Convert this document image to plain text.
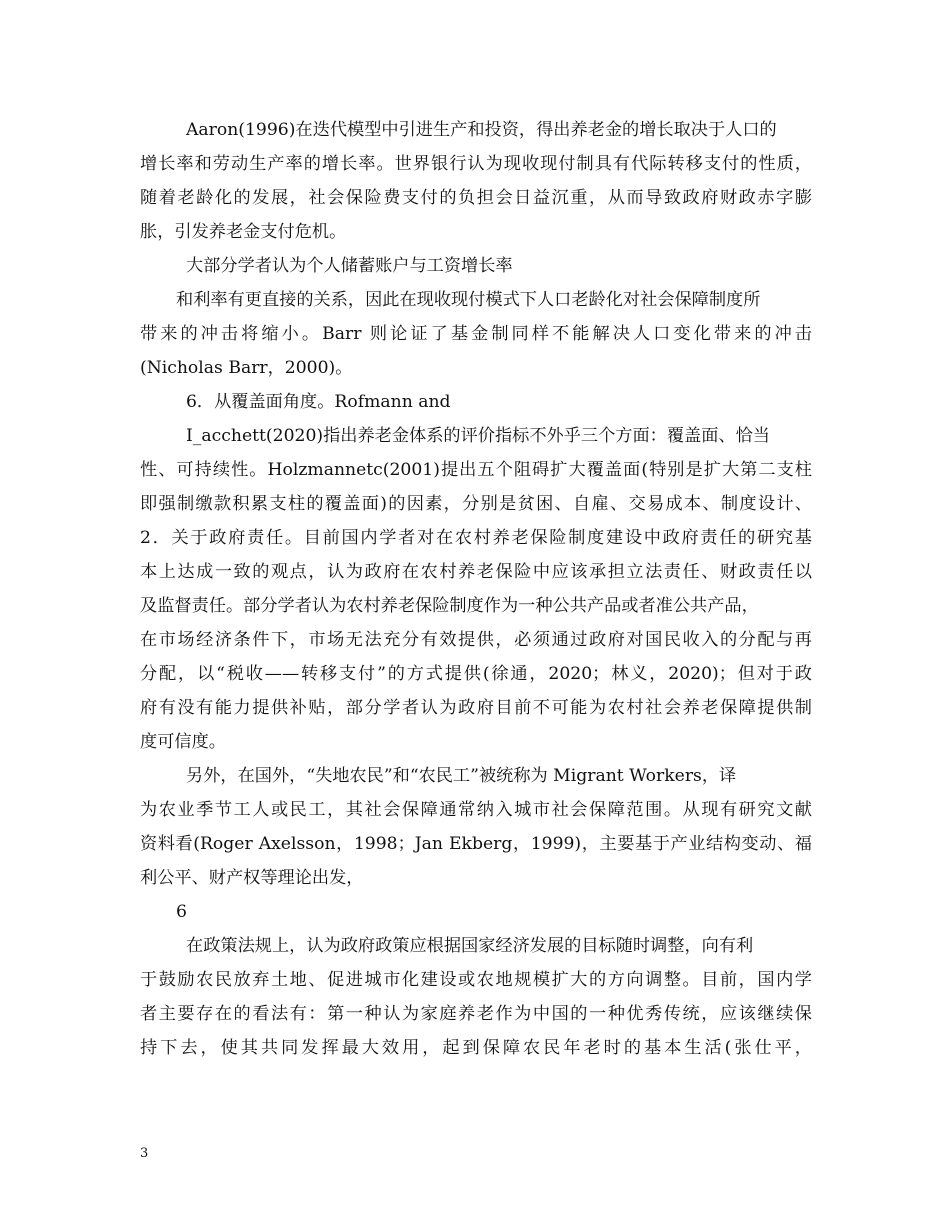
Aaron(1996)在迭代模型中引进生产和投资，得出养老金的增长取决于人口的

增长率和劳动生产率的增长率。世界银行认为现收现付制具有代际转移支付的性质，

随着老龄化的发展，社会保险费支付的负担会日益沉重，从而导致政府财政赤字膨

胀，引发养老金支付危机。

大部分学者认为个人储蓄账户与工资增长率

和利率有更直接的关系，因此在现收现付模式下人口老龄化对社会保障制度所

带来的冲击将缩小。Barr 则论证了基金制同样不能解决人口变化带来的冲击

(Nicholas Barr，2000)。

6．从覆盖面角度。Rofmann and

I_acchett(2020)指出养老金体系的评价指标不外乎三个方面：覆盖面、恰当

性、可持续性。Holzmannetc(2001)提出五个阻碍扩大覆盖面(特别是扩大第二支柱

即强制缴款积累支柱的覆盖面)的因素，分别是贫困、自雇、交易成本、制度设计、

2．关于政府责任。目前国内学者对在农村养老保险制度建设中政府责任的研究基

本上达成一致的观点，认为政府在农村养老保险中应该承担立法责任、财政责任以

及监督责任。部分学者认为农村养老保险制度作为一种公共产品或者准公共产品，

在市场经济条件下，市场无法充分有效提供，必须通过政府对国民收入的分配与再

分配，以“税收——转移支付”的方式提供(徐通，2020；林义，2020)；但对于政

府有没有能力提供补贴，部分学者认为政府目前不可能为农村社会养老保障提供制

度可信度。

另外，在国外，“失地农民”和“农民工”被统称为 Migrant Workers，译

为农业季节工人或民工，其社会保障通常纳入城市社会保障范围。从现有研究文献

资料看(Roger Axelsson，1998；Jan Ekberg，1999)，主要基于产业结构变动、福

利公平、财产权等理论出发，

6

在政策法规上，认为政府政策应根据国家经济发展的目标随时调整，向有利

于鼓励农民放弃土地、促进城市化建设或农地规模扩大的方向调整。目前，国内学

者主要存在的看法有：第一种认为家庭养老作为中国的一种优秀传统，应该继续保

持下去，使其共同发挥最大效用，起到保障农民年老时的基本生活(张仕平，

3
